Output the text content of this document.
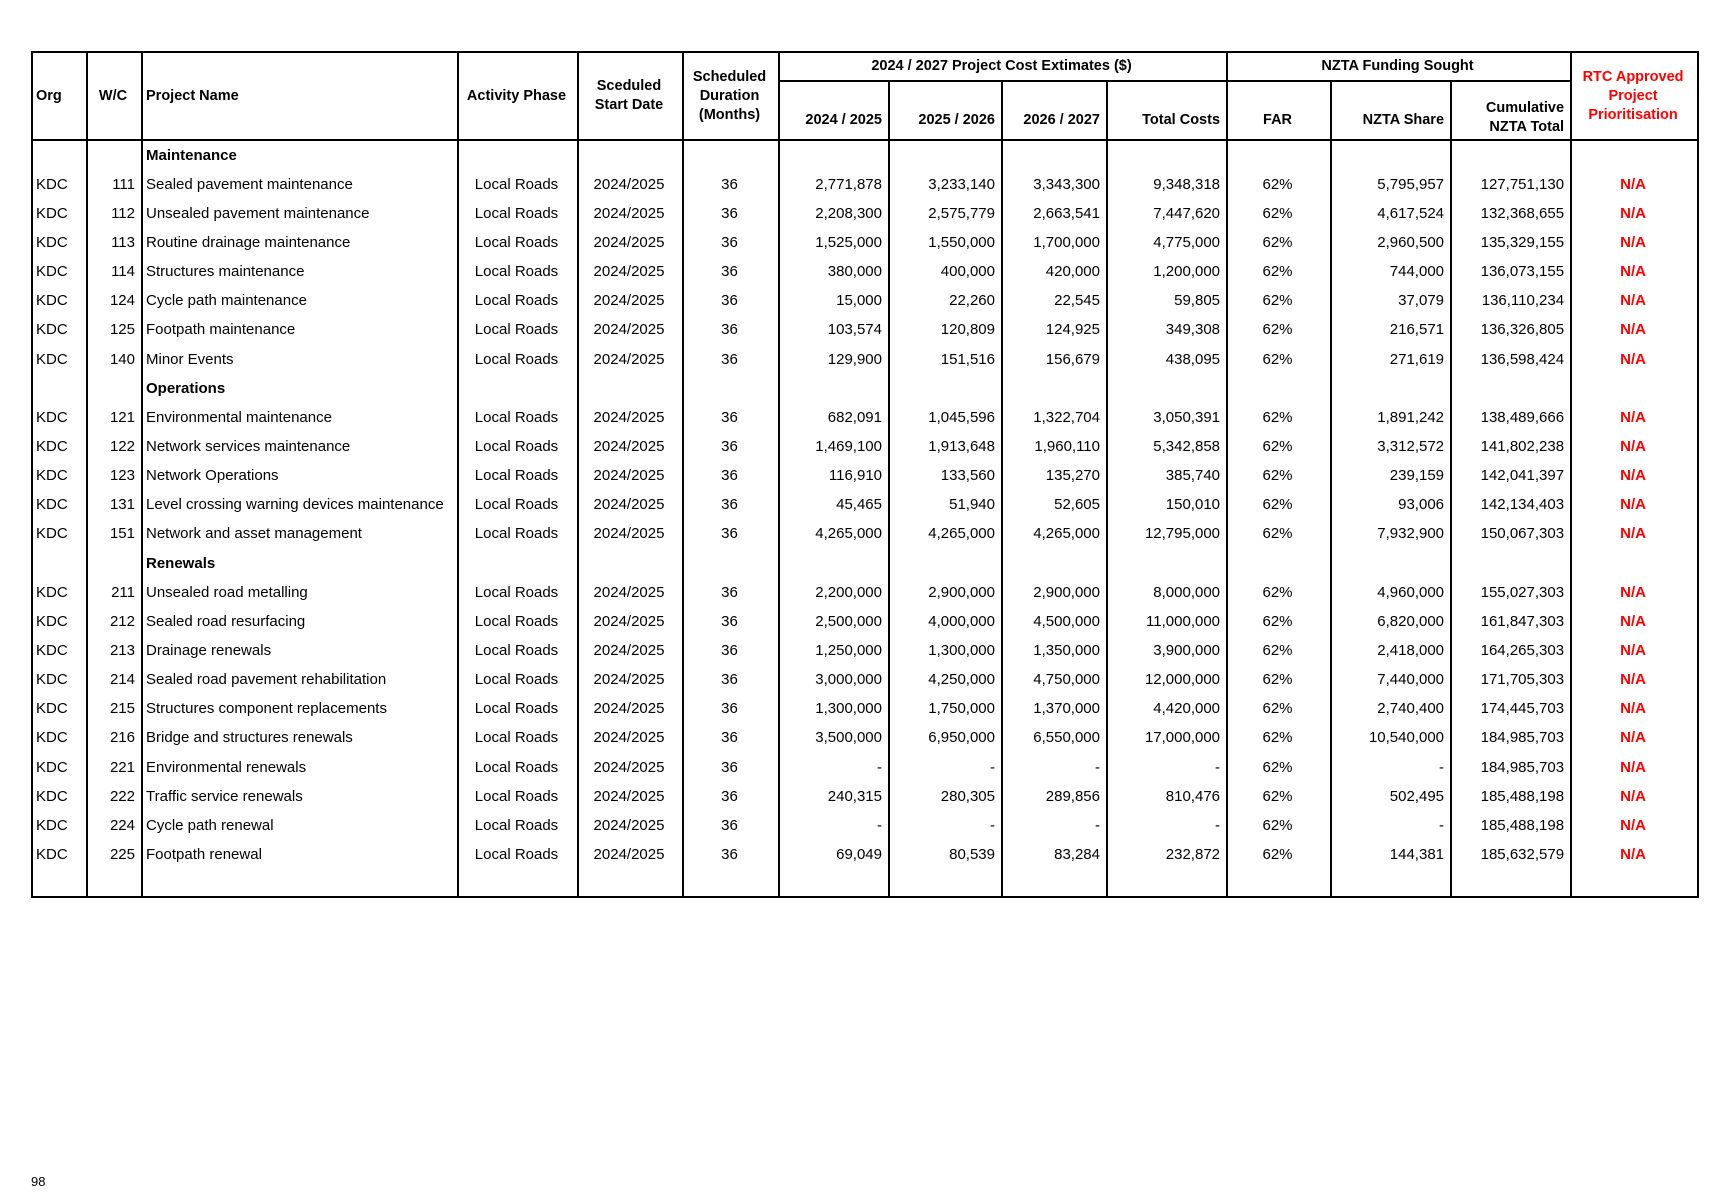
Org	W/C	Project Name	Activity Phase	Sceduled Start Date	Scheduled Duration (Months)	2024 / 2027 Project Cost Extimates ($)				NZTA Funding Sought			RTC Approved Project Prioritisation
						2024 / 2025	2025 / 2026	2026 / 2027	Total Costs	FAR	NZTA Share	Cumulative NZTA Total	
		Maintenance											
KDC	111	Sealed pavement maintenance	Local Roads	2024/2025	36	2,771,878	3,233,140	3,343,300	9,348,318	62%	5,795,957	127,751,130	N/A
KDC	112	Unsealed pavement maintenance	Local Roads	2024/2025	36	2,208,300	2,575,779	2,663,541	7,447,620	62%	4,617,524	132,368,655	N/A
KDC	113	Routine drainage maintenance	Local Roads	2024/2025	36	1,525,000	1,550,000	1,700,000	4,775,000	62%	2,960,500	135,329,155	N/A
KDC	114	Structures maintenance	Local Roads	2024/2025	36	380,000	400,000	420,000	1,200,000	62%	744,000	136,073,155	N/A
KDC	124	Cycle path maintenance	Local Roads	2024/2025	36	15,000	22,260	22,545	59,805	62%	37,079	136,110,234	N/A
KDC	125	Footpath maintenance	Local Roads	2024/2025	36	103,574	120,809	124,925	349,308	62%	216,571	136,326,805	N/A
KDC	140	Minor Events	Local Roads	2024/2025	36	129,900	151,516	156,679	438,095	62%	271,619	136,598,424	N/A
		Operations											
KDC	121	Environmental maintenance	Local Roads	2024/2025	36	682,091	1,045,596	1,322,704	3,050,391	62%	1,891,242	138,489,666	N/A
KDC	122	Network services maintenance	Local Roads	2024/2025	36	1,469,100	1,913,648	1,960,110	5,342,858	62%	3,312,572	141,802,238	N/A
KDC	123	Network Operations	Local Roads	2024/2025	36	116,910	133,560	135,270	385,740	62%	239,159	142,041,397	N/A
KDC	131	Level crossing warning devices maintenance	Local Roads	2024/2025	36	45,465	51,940	52,605	150,010	62%	93,006	142,134,403	N/A
KDC	151	Network and asset management	Local Roads	2024/2025	36	4,265,000	4,265,000	4,265,000	12,795,000	62%	7,932,900	150,067,303	N/A
		Renewals											
KDC	211	Unsealed road metalling	Local Roads	2024/2025	36	2,200,000	2,900,000	2,900,000	8,000,000	62%	4,960,000	155,027,303	N/A
KDC	212	Sealed road resurfacing	Local Roads	2024/2025	36	2,500,000	4,000,000	4,500,000	11,000,000	62%	6,820,000	161,847,303	N/A
KDC	213	Drainage renewals	Local Roads	2024/2025	36	1,250,000	1,300,000	1,350,000	3,900,000	62%	2,418,000	164,265,303	N/A
KDC	214	Sealed road pavement rehabilitation	Local Roads	2024/2025	36	3,000,000	4,250,000	4,750,000	12,000,000	62%	7,440,000	171,705,303	N/A
KDC	215	Structures component replacements	Local Roads	2024/2025	36	1,300,000	1,750,000	1,370,000	4,420,000	62%	2,740,400	174,445,703	N/A
KDC	216	Bridge and structures renewals	Local Roads	2024/2025	36	3,500,000	6,950,000	6,550,000	17,000,000	62%	10,540,000	184,985,703	N/A
KDC	221	Environmental renewals	Local Roads	2024/2025	36	-	-	-	-	62%	-	184,985,703	N/A
KDC	222	Traffic service renewals	Local Roads	2024/2025	36	240,315	280,305	289,856	810,476	62%	502,495	185,488,198	N/A
KDC	224	Cycle path renewal	Local Roads	2024/2025	36	-	-	-	-	62%	-	185,488,198	N/A
KDC	225	Footpath renewal	Local Roads	2024/2025	36	69,049	80,539	83,284	232,872	62%	144,381	185,632,579	N/A

98
